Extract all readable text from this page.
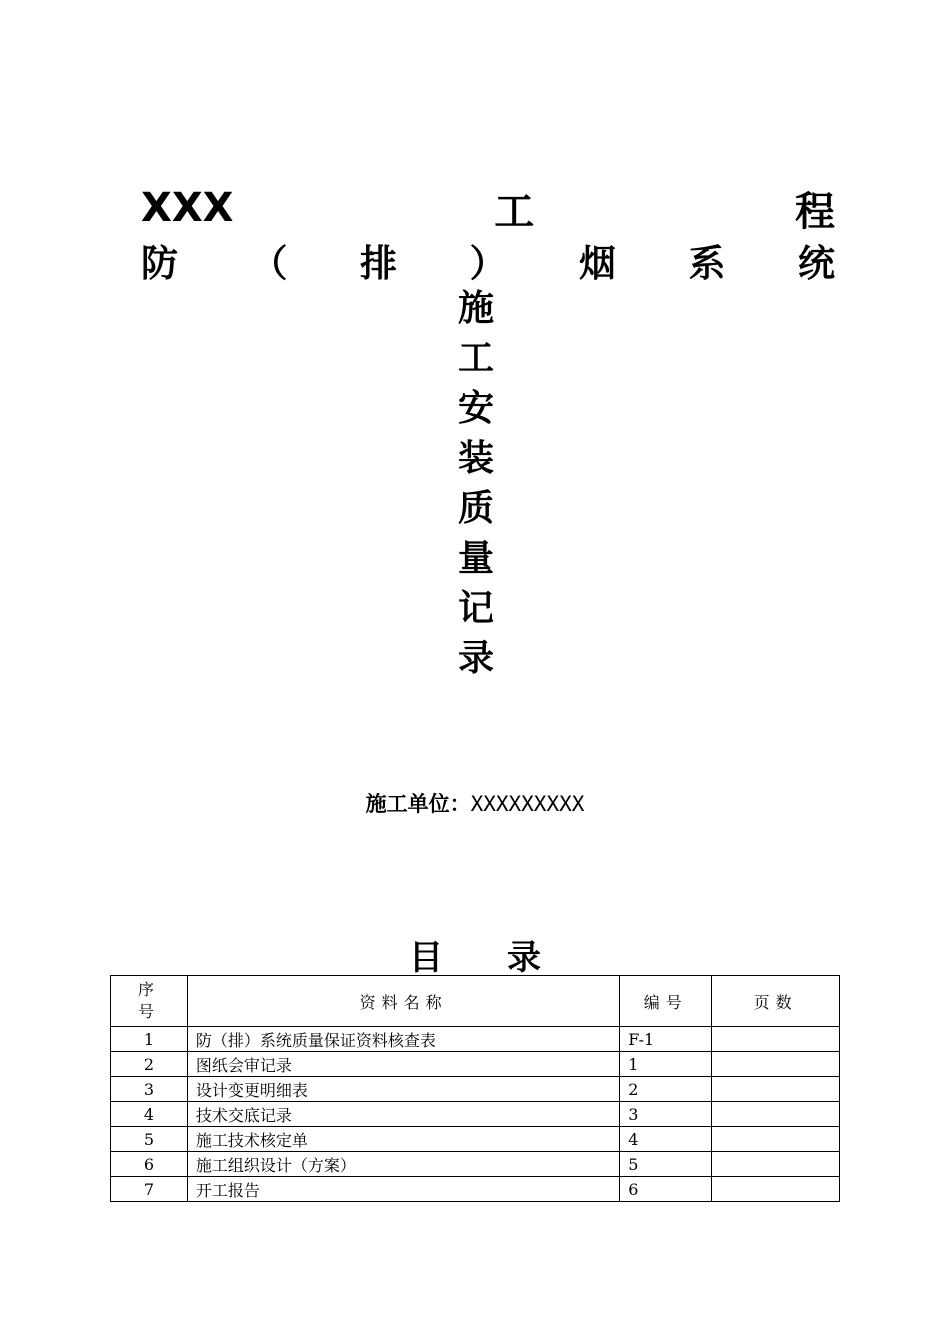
XXX	工	程
防 （ 排 ） 烟 系 统
施
工
安
装
质
量
记
录
施工单位：XXXXXXXXX
目 录
序
号	资料名称	编号	页数
1	防（排）系统质量保证资料核查表	F-1	
2	图纸会审记录	1	
3	设计变更明细表	2	
4	技术交底记录	3	
5	施工技术核定单	4	
6	施工组织设计（方案）	5	
7	开工报告	6	
